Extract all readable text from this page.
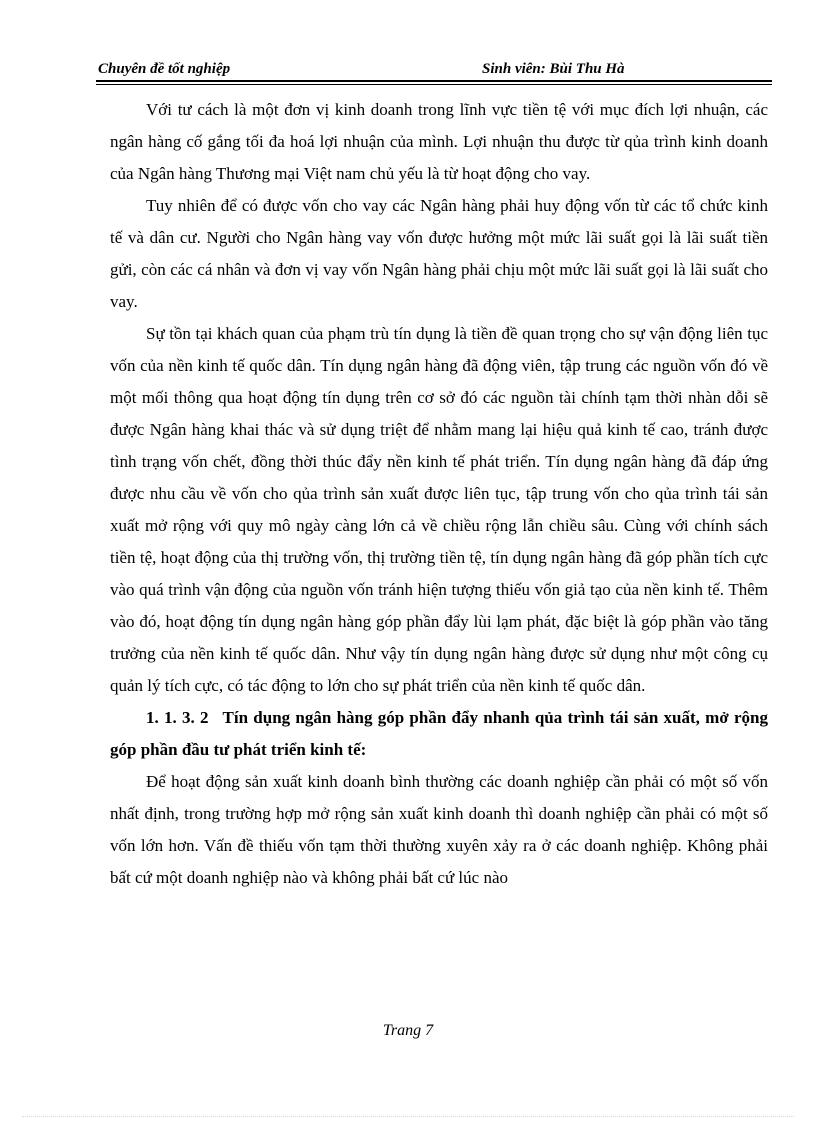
Chuyên đề tốt nghiệp	Sinh viên: Bùi Thu Hà

Với tư cách là một đơn vị kinh doanh trong lĩnh vực tiền tệ với mục đích lợi nhuận, các ngân hàng cố gắng tối đa hoá lợi nhuận của mình. Lợi nhuận thu được từ qủa trình kinh doanh của Ngân hàng Thương mại Việt nam chủ yếu là từ hoạt động cho vay.

Tuy nhiên để có được vốn cho vay các Ngân hàng phải huy động vốn từ các tổ chức kinh tế và dân cư. Người cho Ngân hàng vay vốn được hưởng một mức lãi suất gọi là lãi suất tiền gửi, còn các cá nhân và đơn vị vay vốn Ngân hàng phải chịu một mức lãi suất gọi là lãi suất cho vay.

Sự tồn tại khách quan của phạm trù tín dụng là tiền đề quan trọng cho sự vận động liên tục vốn của nền kinh tế quốc dân. Tín dụng ngân hàng đã động viên, tập trung các nguồn vốn đó về một mối thông qua hoạt động tín dụng trên cơ sở đó các nguồn tài chính tạm thời nhàn dỗi sẽ được Ngân hàng khai thác và sử dụng triệt để nhằm mang lại hiệu quả kinh tế cao, tránh được tình trạng vốn chết, đồng thời thúc đẩy nền kinh tế phát triển. Tín dụng ngân hàng đã đáp ứng được nhu cầu về vốn cho qủa trình sản xuất được liên tục, tập trung vốn cho qủa trình tái sản xuất mở rộng với quy mô ngày càng lớn cả về chiều rộng lẫn chiều sâu. Cùng với chính sách tiền tệ, hoạt động của thị trường vốn, thị trường tiền tệ, tín dụng ngân hàng đã góp phần tích cực vào quá trình vận động của nguồn vốn tránh hiện tượng thiếu vốn giả tạo của nền kinh tế. Thêm vào đó, hoạt động tín dụng ngân hàng góp phần đẩy lùi lạm phát, đặc biệt là góp phần vào tăng trưởng của nền kinh tế quốc dân. Như vậy tín dụng ngân hàng được sử dụng như một công cụ quản lý tích cực, có tác động to lớn cho sự phát triển của nền kinh tế quốc dân.

1. 1. 3. 2 Tín dụng ngân hàng góp phần đẩy nhanh qủa trình tái sản xuất, mở rộng góp phần đầu tư phát triển kinh tế:

Để hoạt động sản xuất kinh doanh bình thường các doanh nghiệp cần phải có một số vốn nhất định, trong trường hợp mở rộng sản xuất kinh doanh thì doanh nghiệp cần phải có một số vốn lớn hơn. Vấn đề thiếu vốn tạm thời thường xuyên xảy ra ở các doanh nghiệp. Không phải bất cứ một doanh nghiệp nào và không phải bất cứ lúc nào

Trang 7
